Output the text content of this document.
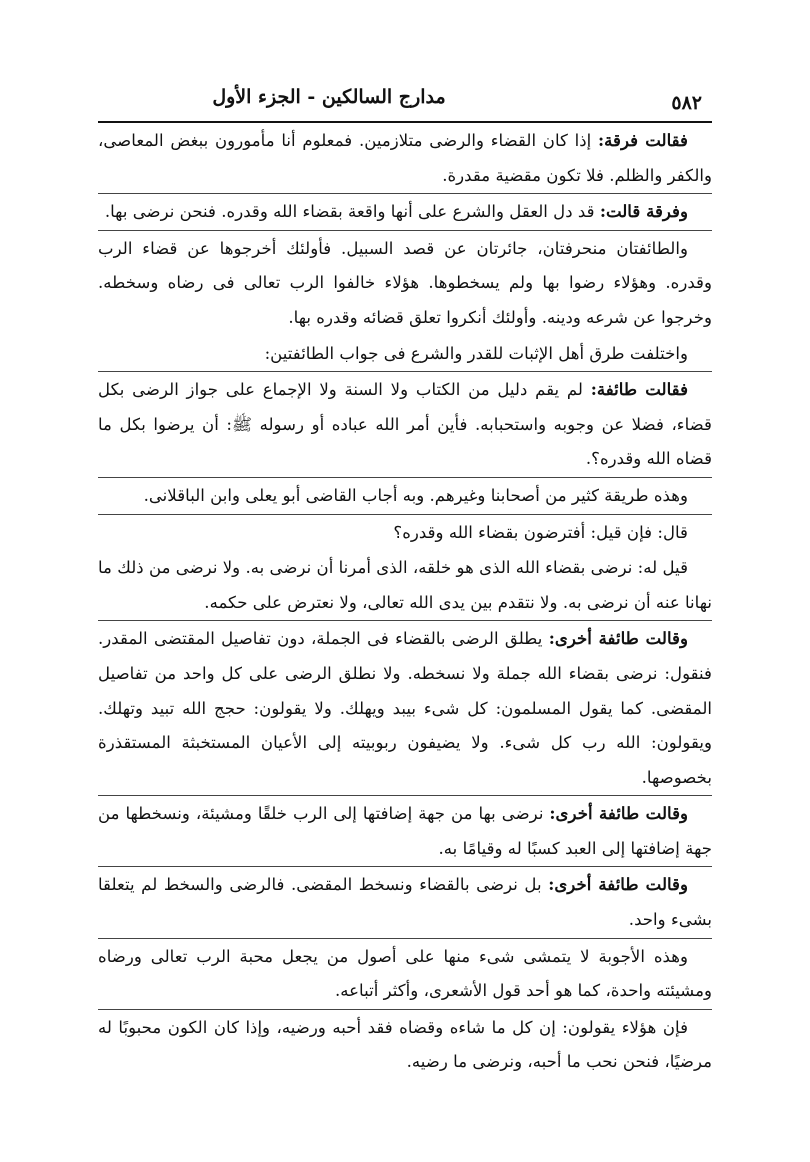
مدارج السالكين - الجزء الأول	٥٨٢

فقالت فرقة: إذا كان القضاء والرضى متلازمين. فمعلوم أنا مأمورون ببغض المعاصى، والكفر والظلم. فلا تكون مقضية مقدرة.

وفرقة قالت: قد دل العقل والشرع على أنها واقعة بقضاء الله وقدره. فنحن نرضى بها.

والطائفتان منحرفتان، جائرتان عن قصد السبيل. فأولئك أخرجوها عن قضاء الرب وقدره. وهؤلاء رضوا بها ولم يسخطوها. هؤلاء خالفوا الرب تعالى فى رضاه وسخطه. وخرجوا عن شرعه ودينه. وأولئك أنكروا تعلق قضائه وقدره بها.

واختلفت طرق أهل الإثبات للقدر والشرع فى جواب الطائفتين:

فقالت طائفة: لم يقم دليل من الكتاب ولا السنة ولا الإجماع على جواز الرضى بكل قضاء، فضلا عن وجوبه واستحبابه. فأين أمر الله عباده أو رسوله ﷺ: أن يرضوا بكل ما قضاه الله وقدره؟.

وهذه طريقة كثير من أصحابنا وغيرهم. وبه أجاب القاضى أبو يعلى وابن الباقلانى.

قال: فإن قيل: أفترضون بقضاء الله وقدره؟

قيل له: نرضى بقضاء الله الذى هو خلقه، الذى أمرنا أن نرضى به. ولا نرضى من ذلك ما نهانا عنه أن نرضى به. ولا نتقدم بين يدى الله تعالى، ولا نعترض على حكمه.

وقالت طائفة أخرى: يطلق الرضى بالقضاء فى الجملة، دون تفاصيل المقتضى المقدر. فنقول: نرضى بقضاء الله جملة ولا نسخطه. ولا نطلق الرضى على كل واحد من تفاصيل المقضى. كما يقول المسلمون: كل شىء بيبد ويهلك. ولا يقولون: حجج الله تبيد وتهلك. ويقولون: الله رب كل شىء. ولا يضيفون ربوبيته إلى الأعيان المستخبثة المستقذرة بخصوصها.

وقالت طائفة أخرى: نرضى بها من جهة إضافتها إلى الرب خلقًا ومشيئة، ونسخطها من جهة إضافتها إلى العبد كسبًا له وقيامًا به.

وقالت طائفة أخرى: بل نرضى بالقضاء ونسخط المقضى. فالرضى والسخط لم يتعلقا بشىء واحد.

وهذه الأجوبة لا يتمشى شىء منها على أصول من يجعل محبة الرب تعالى ورضاه ومشيئته واحدة، كما هو أحد قول الأشعرى، وأكثر أتباعه.

فإن هؤلاء يقولون: إن كل ما شاءه وقضاه فقد أحبه ورضيه، وإذا كان الكون محبوبًا له مرضيًا، فنحن نحب ما أحبه، ونرضى ما رضيه.
